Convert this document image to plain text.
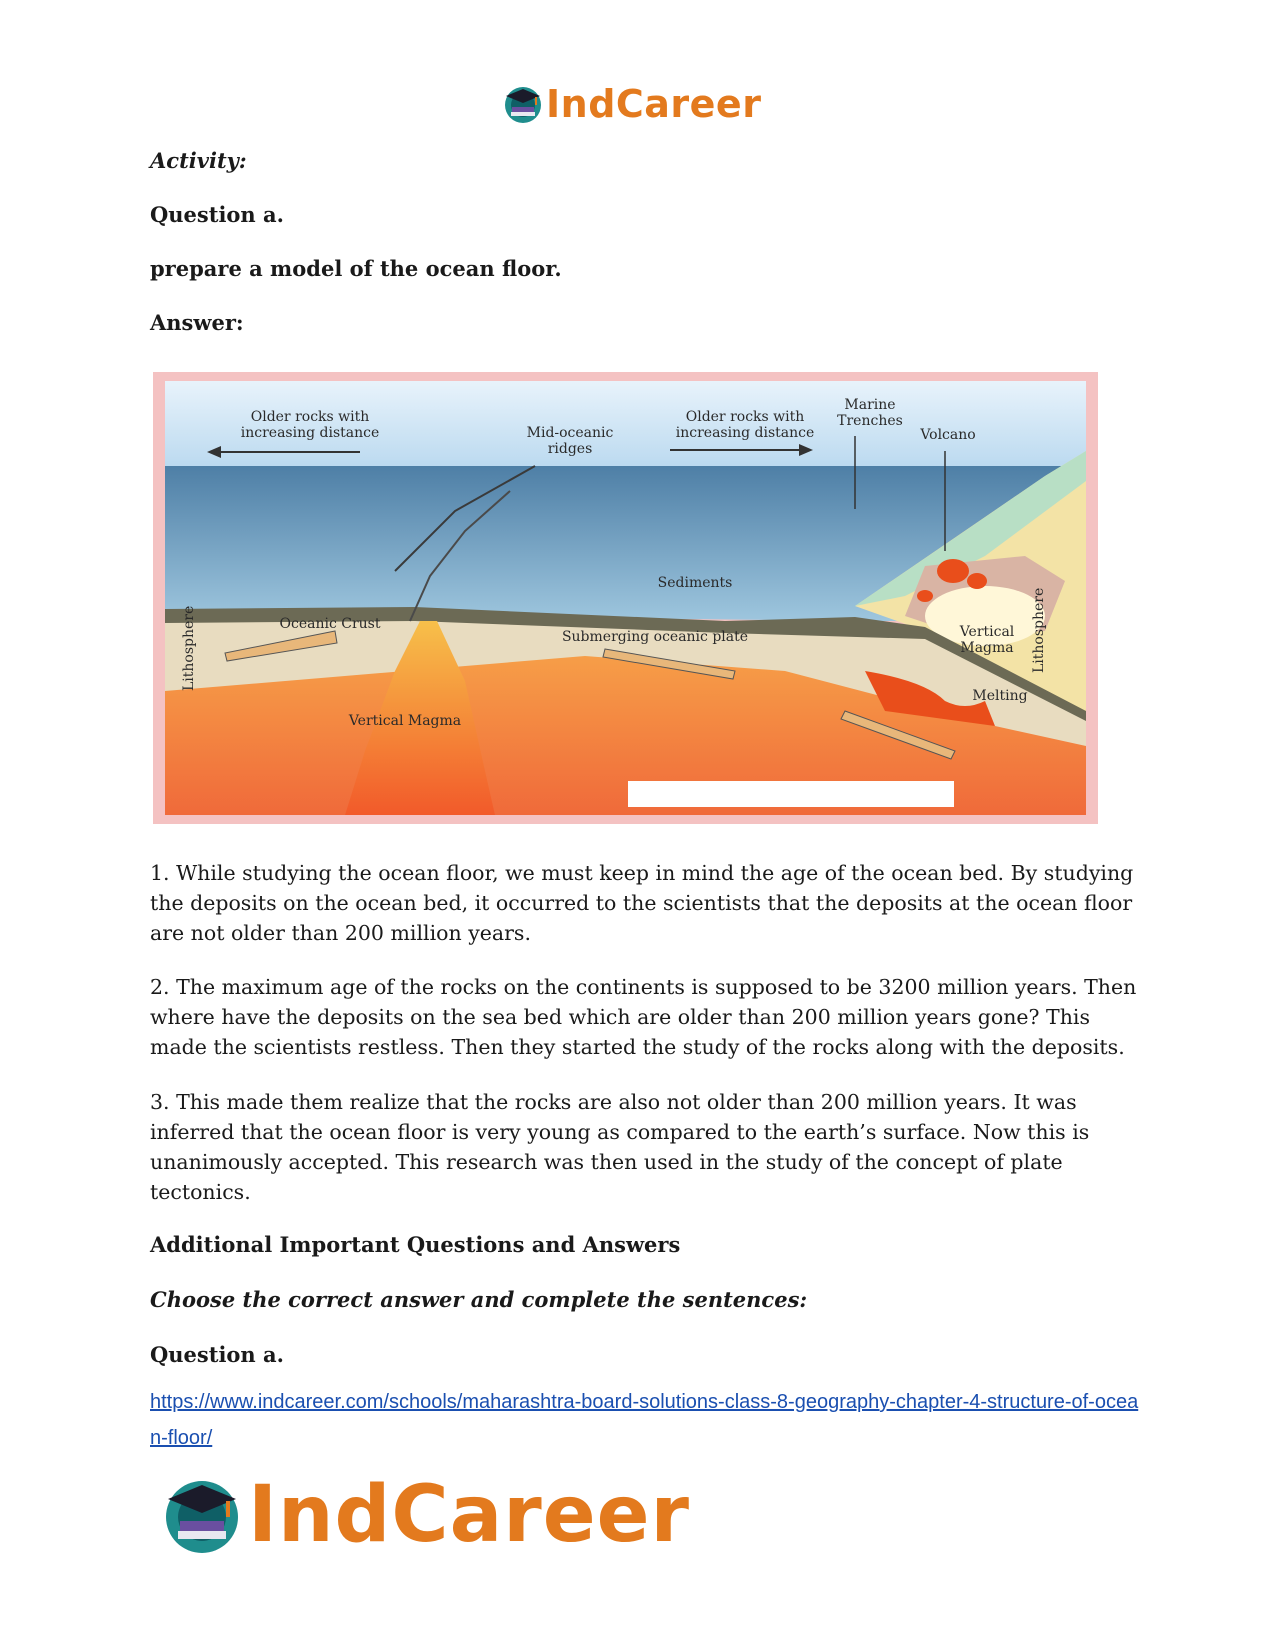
IndCareer

Activity:

Question a.

prepare a model of the ocean floor.

Answer:

Older rocks with
increasing distance	Mid-oceanic
ridges
Older rocks with
increasing distance
Marine
Trenches
Volcano
Sediments
Oceanic Crust
Submerging oceanic plate
Lithosphere	Lithosphere
Vertical
Magma
Melting
Vertical Magma

1. While studying the ocean floor, we must keep in mind the age of the ocean bed. By studying the deposits on the ocean bed, it occurred to the scientists that the deposits at the ocean floor are not older than 200 million years.

2. The maximum age of the rocks on the continents is supposed to be 3200 million years. Then where have the deposits on the sea bed which are older than 200 million years gone? This made the scientists restless. Then they started the study of the rocks along with the deposits.

3. This made them realize that the rocks are also not older than 200 million years. It was inferred that the ocean floor is very young as compared to the earth’s surface. Now this is unanimously accepted. This research was then used in the study of the concept of plate tectonics.

Additional Important Questions and Answers

Choose the correct answer and complete the sentences:

Question a.

https://www.indcareer.com/schools/maharashtra-board-solutions-class-8-geography-chapter-4-structure-of-ocean-floor/
IndCareer
